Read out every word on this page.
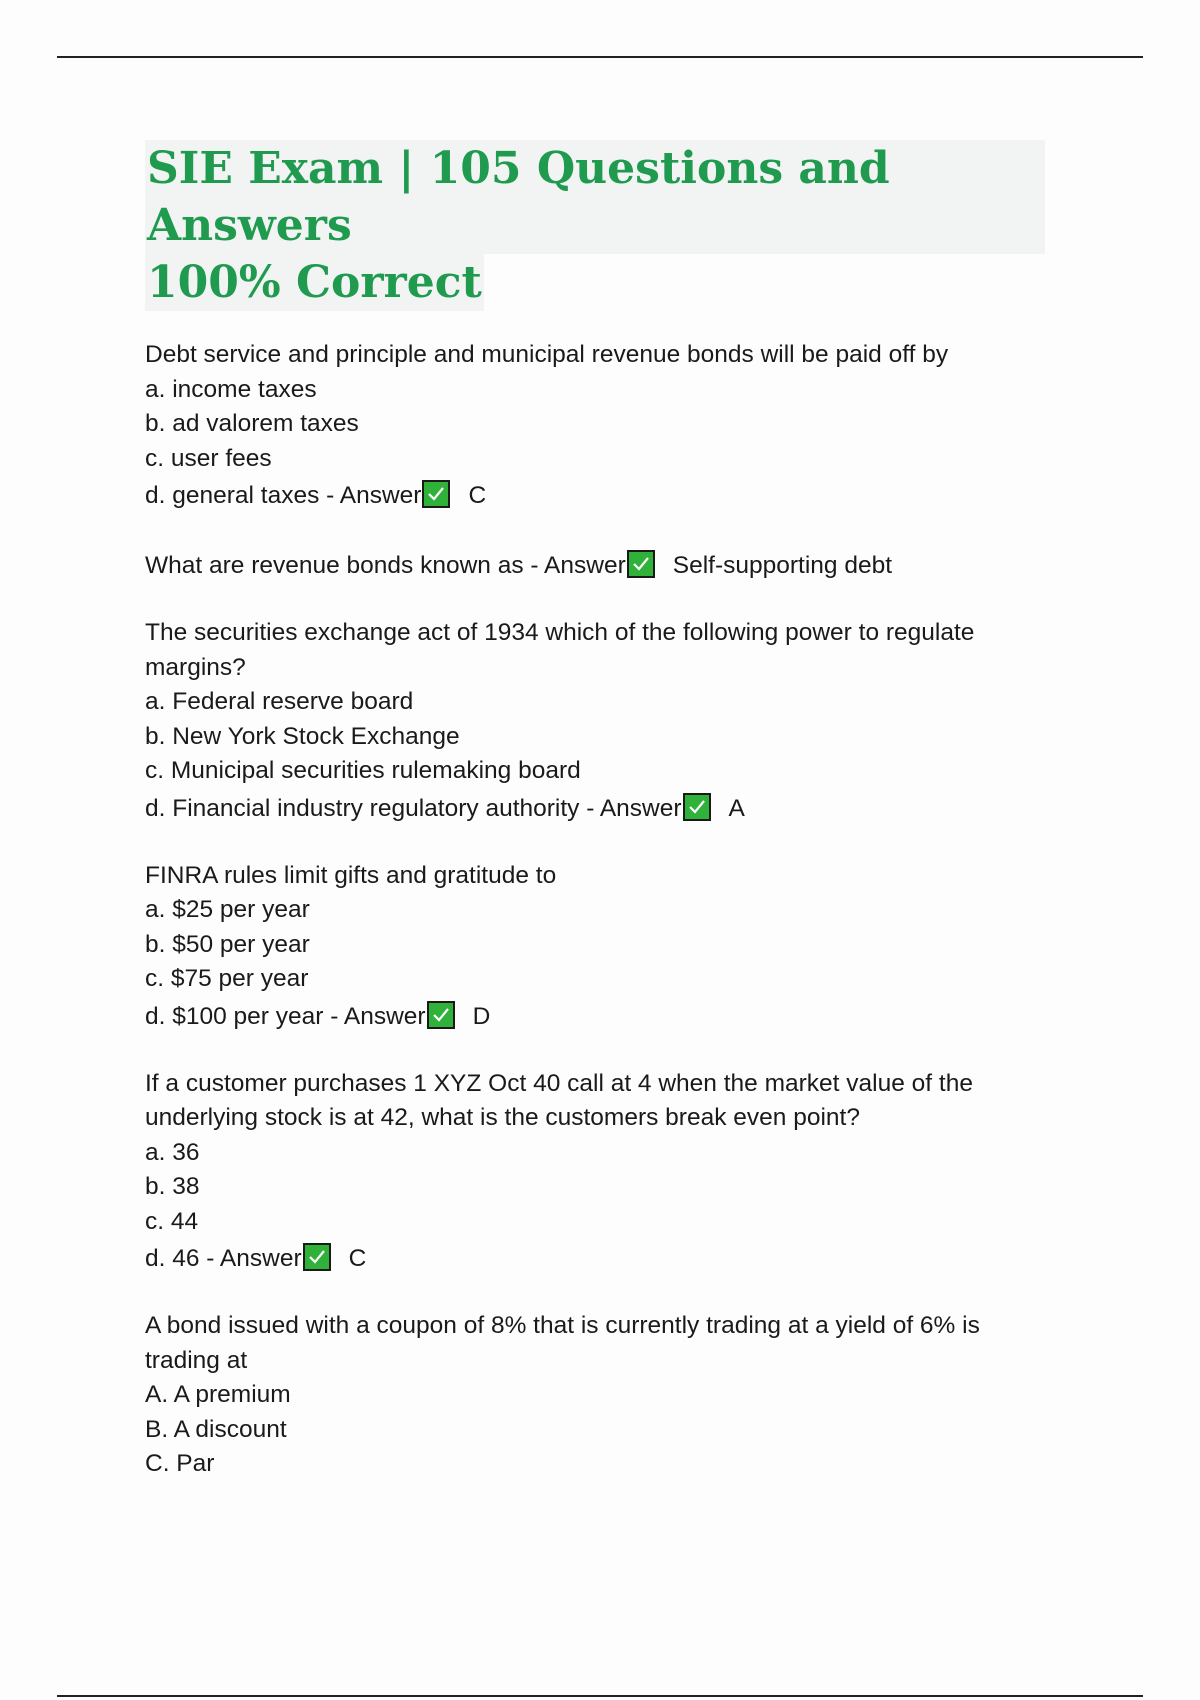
SIE Exam | 105 Questions and Answers
100% Correct
Debt service and principle and municipal revenue bonds will be paid off by
a. income taxes
b. ad valorem taxes
c. user fees
d. general taxes - Answer C
What are revenue bonds known as - Answer Self-supporting debt
The securities exchange act of 1934 which of the following power to regulate
margins?
a. Federal reserve board
b. New York Stock Exchange
c. Municipal securities rulemaking board
d. Financial industry regulatory authority - Answer A
FINRA rules limit gifts and gratitude to
a. $25 per year
b. $50 per year
c. $75 per year
d. $100 per year - Answer D
If a customer purchases 1 XYZ Oct 40 call at 4 when the market value of the
underlying stock is at 42, what is the customers break even point?
a. 36
b. 38
c. 44
d. 46 - Answer C
A bond issued with a coupon of 8% that is currently trading at a yield of 6% is
trading at
A. A premium
B. A discount
C. Par
